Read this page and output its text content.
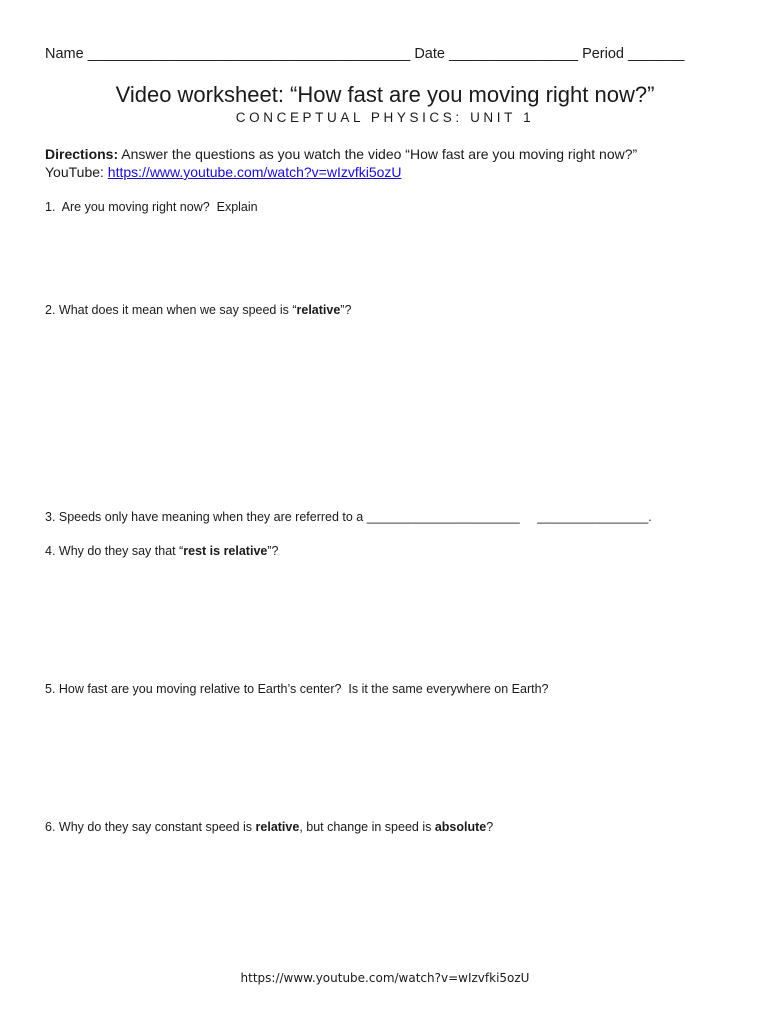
Name ________________________________________ Date ________________ Period _______
Video worksheet: “How fast are you moving right now?”
CONCEPTUAL PHYSICS: UNIT 1
Directions: Answer the questions as you watch the video “How fast are you moving right now?”
YouTube: https://www.youtube.com/watch?v=wIzvfki5ozU
1.  Are you moving right now?  Explain
2. What does it mean when we say speed is “relative”?
3. Speeds only have meaning when they are referred to a ______________________ ________________.
4. Why do they say that “rest is relative”?
5. How fast are you moving relative to Earth’s center?  Is it the same everywhere on Earth?
6. Why do they say constant speed is relative, but change in speed is absolute?
https://www.youtube.com/watch?v=wIzvfki5ozU
